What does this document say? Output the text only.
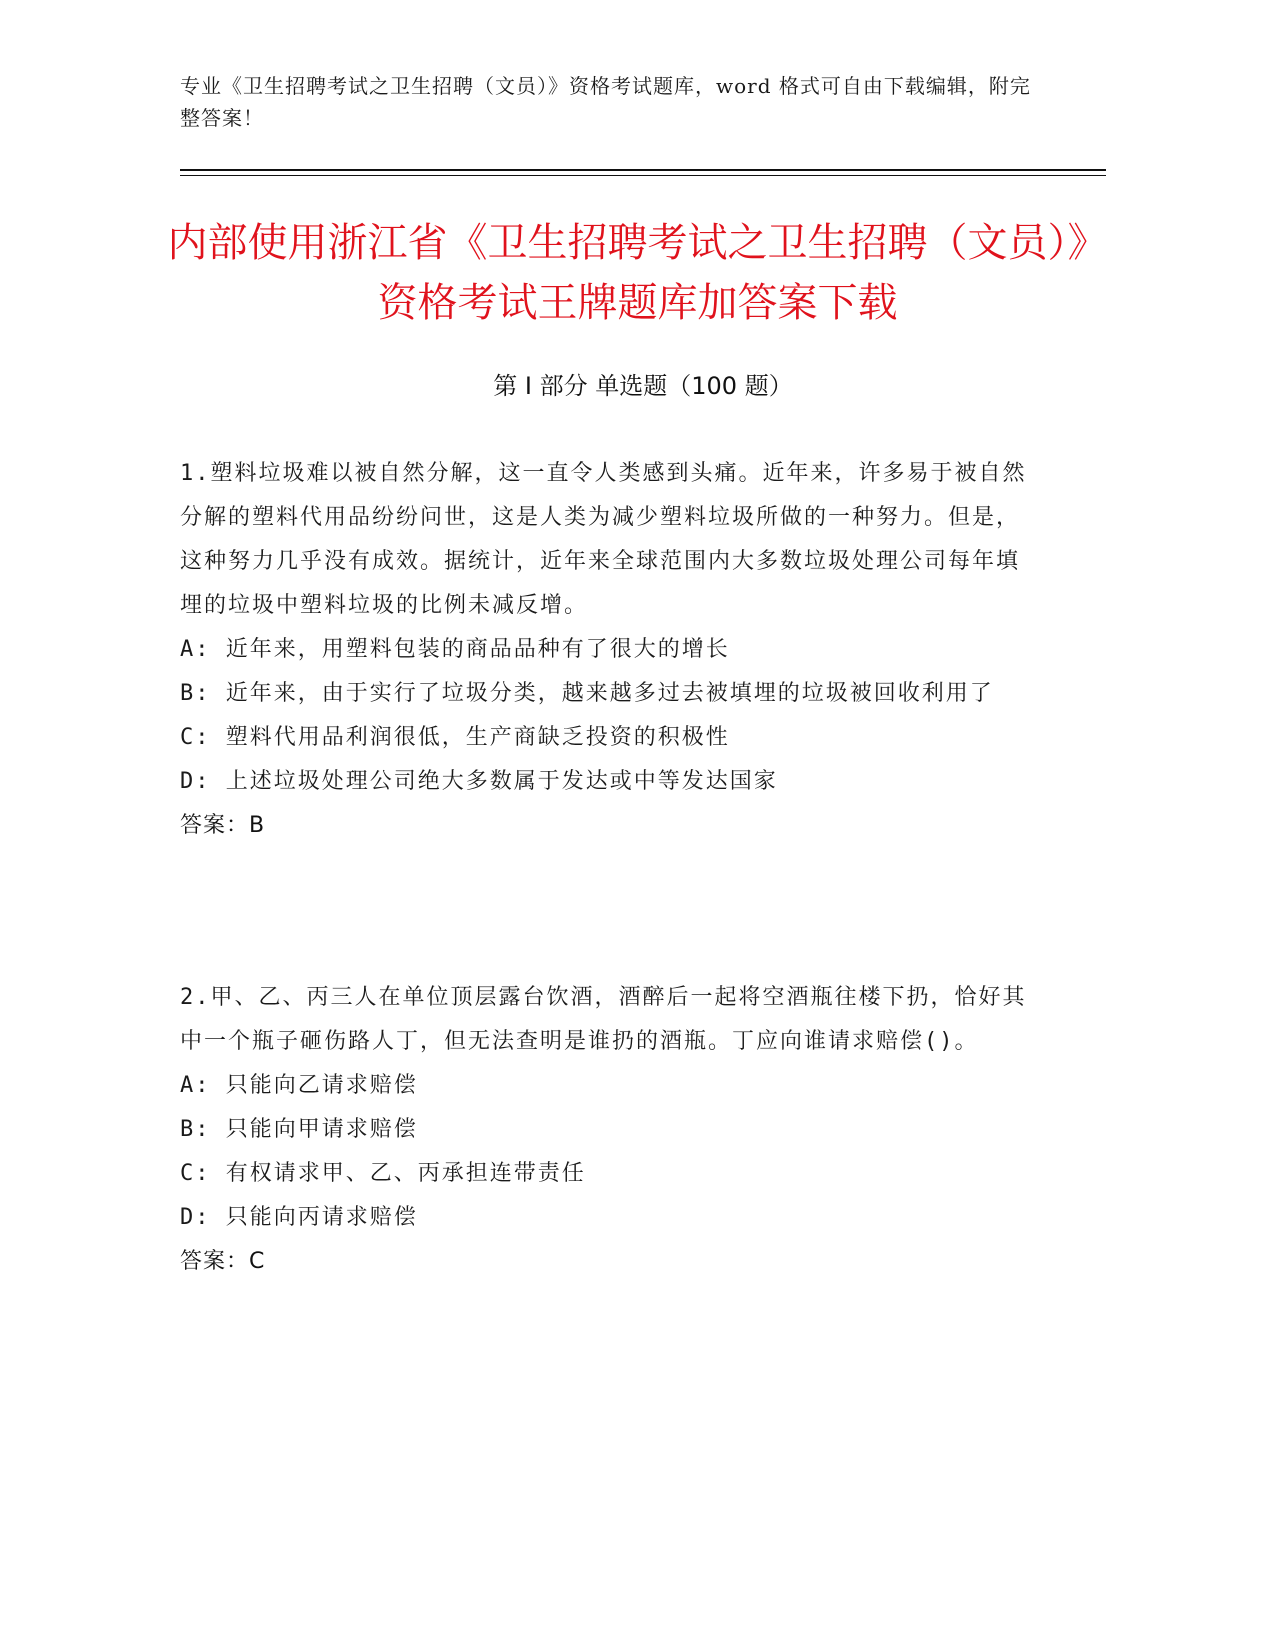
专业《卫生招聘考试之卫生招聘（文员）》资格考试题库，word 格式可自由下载编辑，附完整答案！
内部使用浙江省《卫生招聘考试之卫生招聘（文员）》资格考试王牌题库加答案下载
第 I 部分 单选题（100 题）

1.塑料垃圾难以被自然分解，这一直令人类感到头痛。近年来，许多易于被自然分解的塑料代用品纷纷问世，这是人类为减少塑料垃圾所做的一种努力。但是，这种努力几乎没有成效。据统计，近年来全球范围内大多数垃圾处理公司每年填埋的垃圾中塑料垃圾的比例未减反增。

A: 近年来，用塑料包装的商品品种有了很大的增长

B: 近年来，由于实行了垃圾分类，越来越多过去被填埋的垃圾被回收利用了

C: 塑料代用品利润很低，生产商缺乏投资的积极性

D: 上述垃圾处理公司绝大多数属于发达或中等发达国家

答案：B

2.甲、乙、丙三人在单位顶层露台饮酒，酒醉后一起将空酒瓶往楼下扔，恰好其中一个瓶子砸伤路人丁，但无法查明是谁扔的酒瓶。丁应向谁请求赔偿()。

A: 只能向乙请求赔偿

B: 只能向甲请求赔偿

C: 有权请求甲、乙、丙承担连带责任

D: 只能向丙请求赔偿

答案：C
